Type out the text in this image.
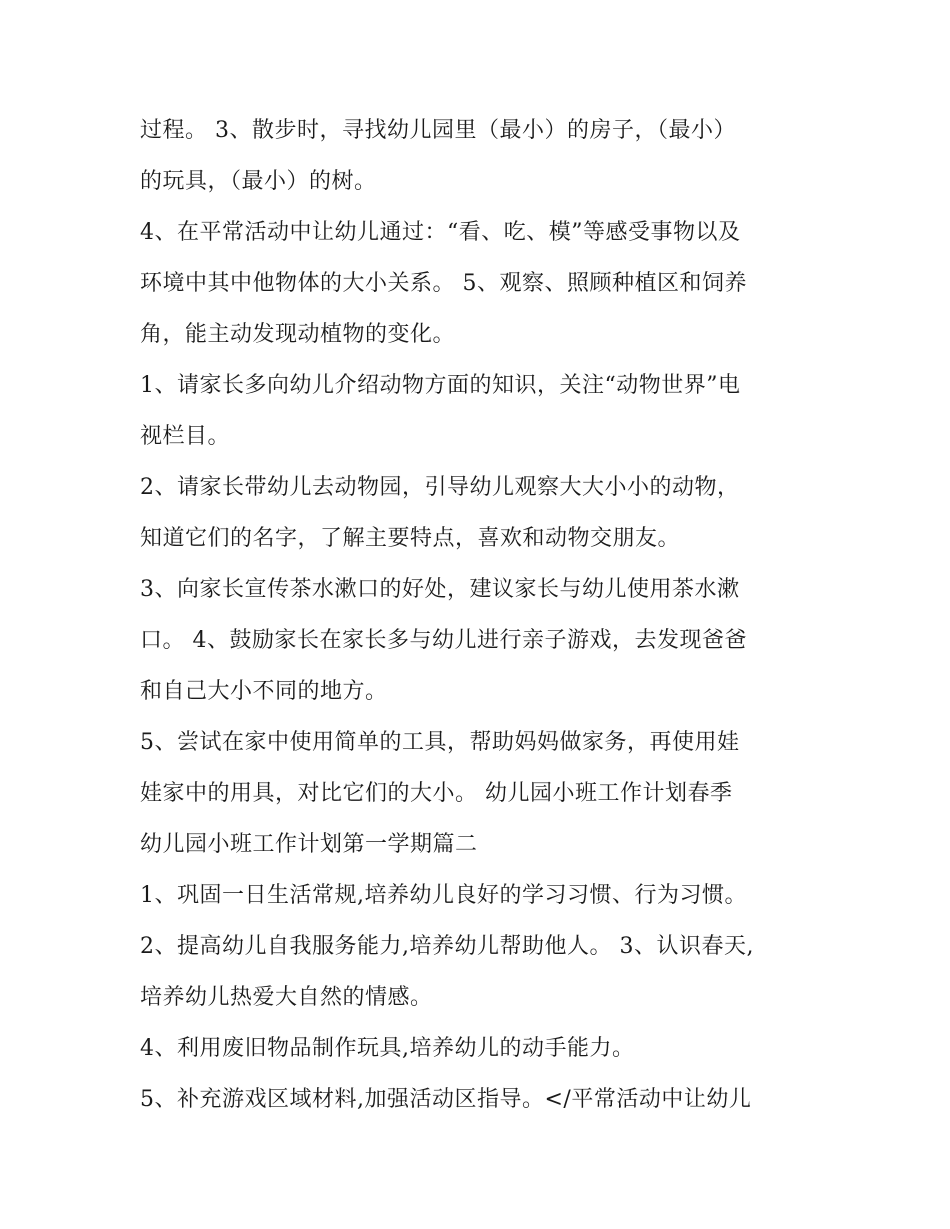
过程。 3、散步时，寻找幼儿园里（最小）的房子，（最小）
的玩具，（最小）的树。
4、在平常活动中让幼儿通过：“看、吃、模”等感受事物以及
环境中其中他物体的大小关系。 5、观察、照顾种植区和饲养
角，能主动发现动植物的变化。
1、请家长多向幼儿介绍动物方面的知识，关注“动物世界”电
视栏目。
2、请家长带幼儿去动物园，引导幼儿观察大大小小的动物，
知道它们的名字，了解主要特点，喜欢和动物交朋友。
3、向家长宣传茶水漱口的好处，建议家长与幼儿使用茶水漱
口。 4、鼓励家长在家长多与幼儿进行亲子游戏，去发现爸爸
和自己大小不同的地方。
5、尝试在家中使用简单的工具，帮助妈妈做家务，再使用娃
娃家中的用具，对比它们的大小。 幼儿园小班工作计划春季
幼儿园小班工作计划第一学期篇二
1、巩固一日生活常规,培养幼儿良好的学习习惯、行为习惯。
2、提高幼儿自我服务能力,培养幼儿帮助他人。 3、认识春天,
培养幼儿热爱大自然的情感。
4、利用废旧物品制作玩具,培养幼儿的动手能力。
5、补充游戏区域材料,加强活动区指导。</平常活动中让幼儿
